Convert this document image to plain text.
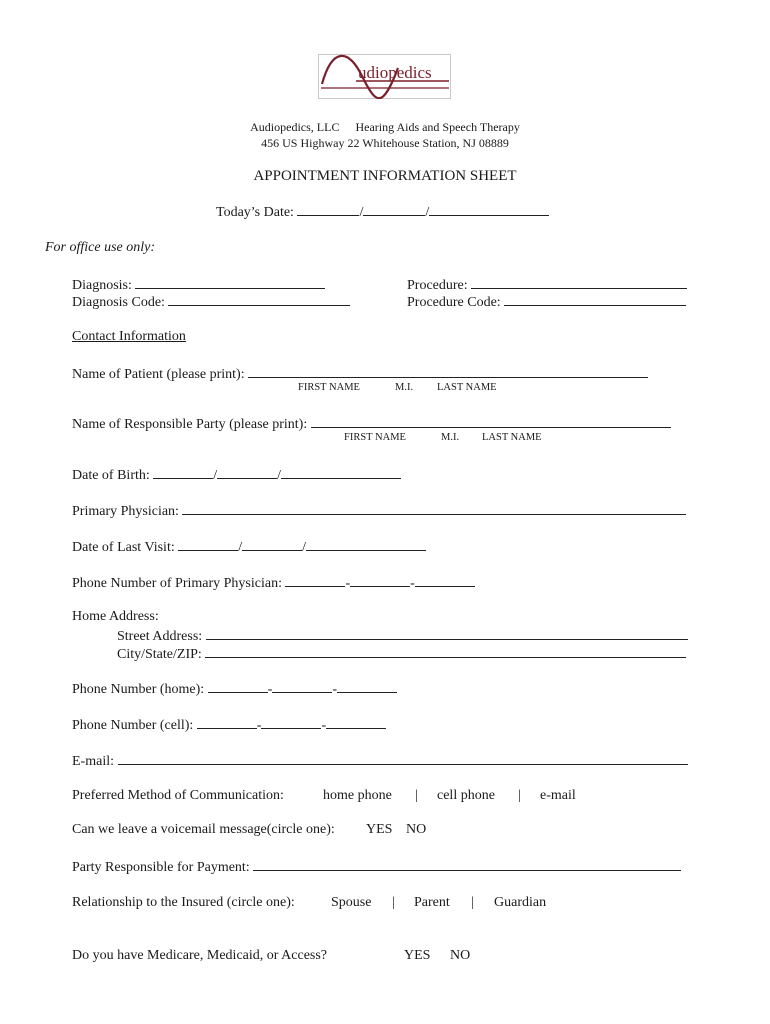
udiopedics
Audiopedics, LLC Hearing Aids and Speech Therapy
456 US Highway 22 Whitehouse Station, NJ 08889
APPOINTMENT INFORMATION SHEET
Today’s Date:	/	/
For office use only:
Diagnosis:
Diagnosis Code:
Procedure:
Procedure Code:
Contact Information
Name of Patient (please print):
FIRST NAME	M.I. LAST NAME
Name of Responsible Party (please print):
FIRST NAME	M.I. LAST NAME
Date of Birth:	/	/
Primary Physician:
Date of Last Visit:	/	/
Phone Number of Primary Physician:	-	-
Home Address:
Street Address:
City/State/ZIP:
Phone Number (home):	-	-
Phone Number (cell):	-	-
E-mail:
Preferred Method of Communication:	home phone | cell phone | e-mail
Can we leave a voicemail message(circle one): YES NO
Party Responsible for Payment:
Relationship to the Insured (circle one):	Spouse | Parent | Guardian
Do you have Medicare, Medicaid, or Access?	YES NO
